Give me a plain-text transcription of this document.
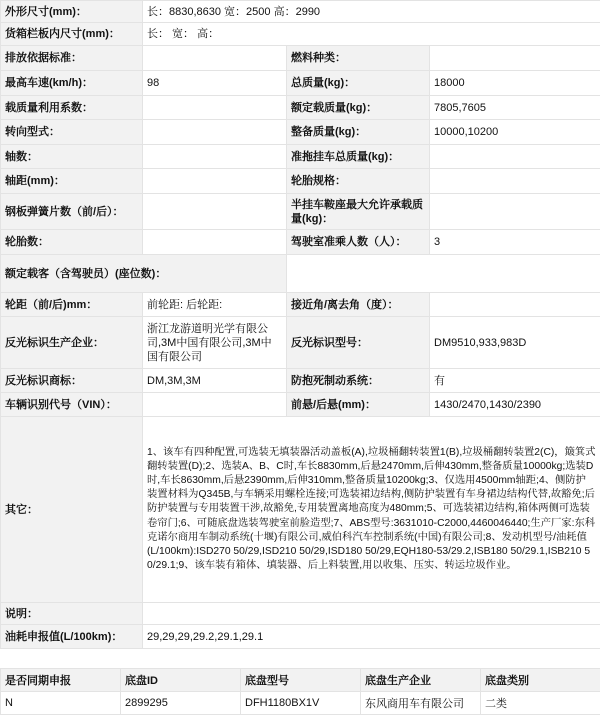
外形尺寸(mm)：	长：8830,8630 宽：2500 高：2990		
货箱栏板内尺寸(mm)：	长： 宽： 高：		
排放依据标准：		燃料种类：	
最高车速(km/h)：	98	总质量(kg)：	18000
载质量利用系数：		额定载质量(kg)：	7805,7605
转向型式：		整备质量(kg)：	10000,10200
轴数：		准拖挂车总质量(kg)：	
轴距(mm)：		轮胎规格：	
钢板弹簧片数（前/后）：		半挂车鞍座最大允许承载质量(kg)：	
轮胎数：		驾驶室准乘人数（人）：	3
额定载客（含驾驶员）(座位数)：			
轮距（前/后)mm：	前轮距: 后轮距:	接近角/离去角（度）：	
反光标识生产企业：	浙江龙游道明光学有限公司,3M中国有限公司,3M中国有限公司	反光标识型号：	DM9510,933,983D
反光标识商标：	DM,3M,3M	防抱死制动系统：	有
车辆识别代号（VIN）：		前悬/后悬(mm)：	1430/2470,1430/2390
其它：	1、该车有四种配置,可选装无填装器活动盖板(A),垃圾桶翻转装置1(B),垃圾桶翻转装置2(C)，簸箕式翻转装置(D);2、选装A、B、C时,车长8830mm,后悬2470mm,后伸430mm,整备质量10000kg;选装D时,车长8630mm,后悬2390mm,后伸310mm,整备质量10200kg;3、仅选用4500mm轴距;4、侧防护装置材料为Q345B,与车辆采用螺栓连接;可选装裙边结构,侧防护装置有车身裙边结构代替,故豁免;后防护装置与专用装置干涉,故豁免,专用装置离地高度为480mm;5、可选装裙边结构,箱体两侧可选装卷帘门;6、可随底盘选装驾驶室前脸造型;7、ABS型号:3631010-C2000,4460046440;生产厂家:东科克诺尔商用车制动系统(十堰)有限公司,威伯科汽车控制系统(中国)有限公司;8、发动机型号/油耗值(L/100km):ISD270 50/29,ISD210 50/29,ISD180 50/29,EQH180-53/29.2,ISB180 50/29.1,ISB210 50/29.1;9、该车装有箱体、填装器、后上料装置,用以收集、压实、转运垃圾作业。		
说明：			
油耗申报值(L/100km)：	29,29,29,29.2,29.1,29.1		
是否同期申报	底盘ID	底盘型号	底盘生产企业	底盘类别
N	2899295	DFH1180BX1V	东风商用车有限公司	二类
